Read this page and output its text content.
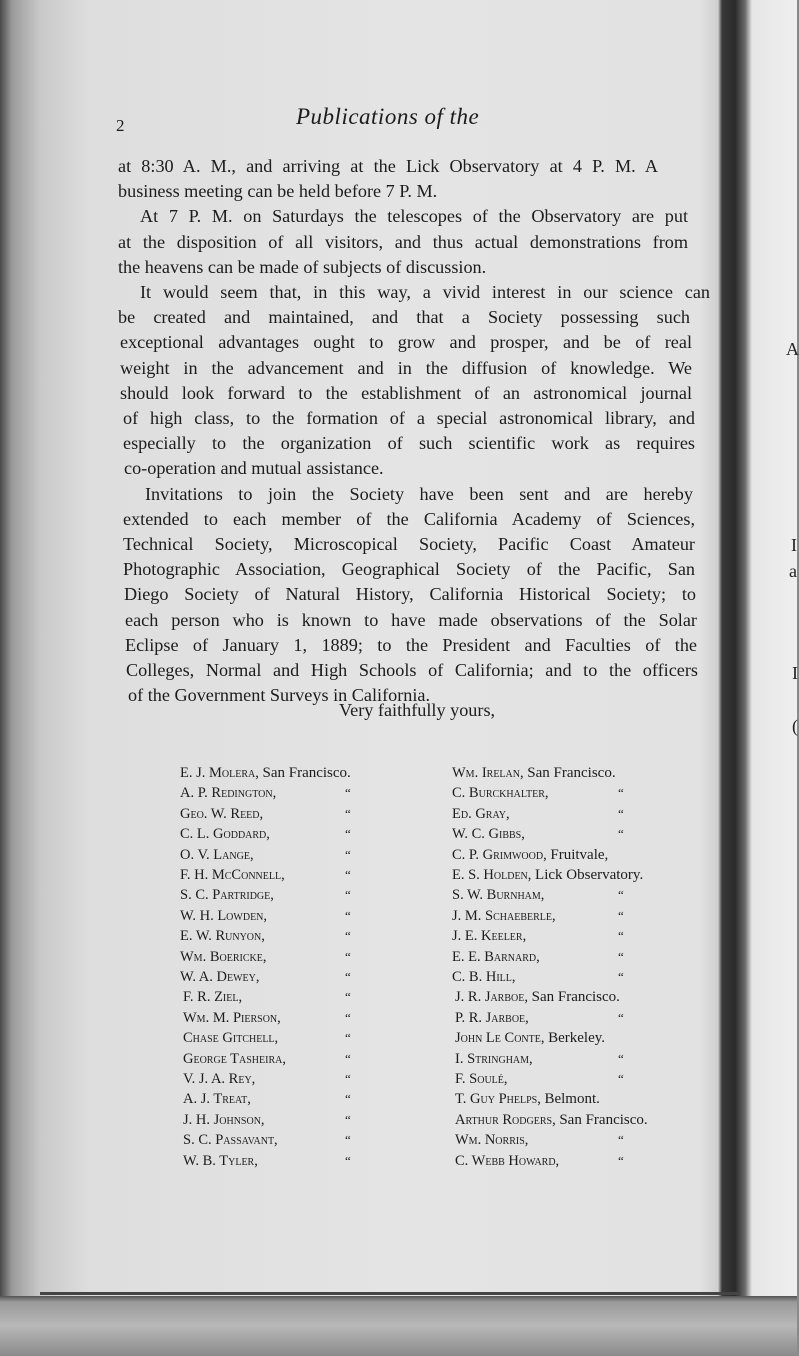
2	Publications of the
at 8:30 A. M., and arriving at the Lick Observatory at 4 P. M. A
business meeting can be held before 7 P. M.
At 7 P. M. on Saturdays the telescopes of the Observatory are put
at the disposition of all visitors, and thus actual demonstrations from
the heavens can be made of subjects of discussion.
It would seem that, in this way, a vivid interest in our science can
be created and maintained, and that a Society possessing such
exceptional advantages ought to grow and prosper, and be of real
weight in the advancement and in the diffusion of knowledge. We
should look forward to the establishment of an astronomical journal
of high class, to the formation of a special astronomical library, and
especially to the organization of such scientific work as requires
co-operation and mutual assistance.
Invitations to join the Society have been sent and are hereby
extended to each member of the California Academy of Sciences,
Technical Society, Microscopical Society, Pacific Coast Amateur
Photographic Association, Geographical Society of the Pacific, San
Diego Society of Natural History, California Historical Society; to
each person who is known to have made observations of the Solar
Eclipse of January 1, 1889; to the President and Faculties of the
Colleges, Normal and High Schools of California; and to the officers
of the Government Surveys in California.
Very faithfully yours,
E. J. Molera, San Francisco.
“
A. P. Redington,
“
Geo. W. Reed,
“
C. L. Goddard,
“
O. V. Lange,
“
F. H. McConnell,
“
S. C. Partridge,
“
W. H. Lowden,
“
E. W. Runyon,
“
Wm. Boericke,
“
W. A. Dewey,
“
F. R. Ziel,
“
Wm. M. Pierson,
“
Chase Gitchell,
“
George Tasheira,
“
V. J. A. Rey,
“
A. J. Treat,
“
J. H. Johnson,
“
S. C. Passavant,
“
W. B. Tyler,
Wm. Irelan, San Francisco.
“
C. Burckhalter,
“
Ed. Gray,
“
W. C. Gibbs,
C. P. Grimwood, Fruitvale,
E. S. Holden, Lick Observatory.
“
S. W. Burnham,
“
J. M. Schaeberle,
“
J. E. Keeler,
“
E. E. Barnard,
“
C. B. Hill,
J. R. Jarboe, San Francisco.
“
P. R. Jarboe,
John Le Conte, Berkeley.
“
I. Stringham,
“
F. Soulé,
T. Guy Phelps, Belmont.
Arthur Rodgers, San Francisco.
“
Wm. Norris,
“
C. Webb Howard,
A
I
a
I
(
